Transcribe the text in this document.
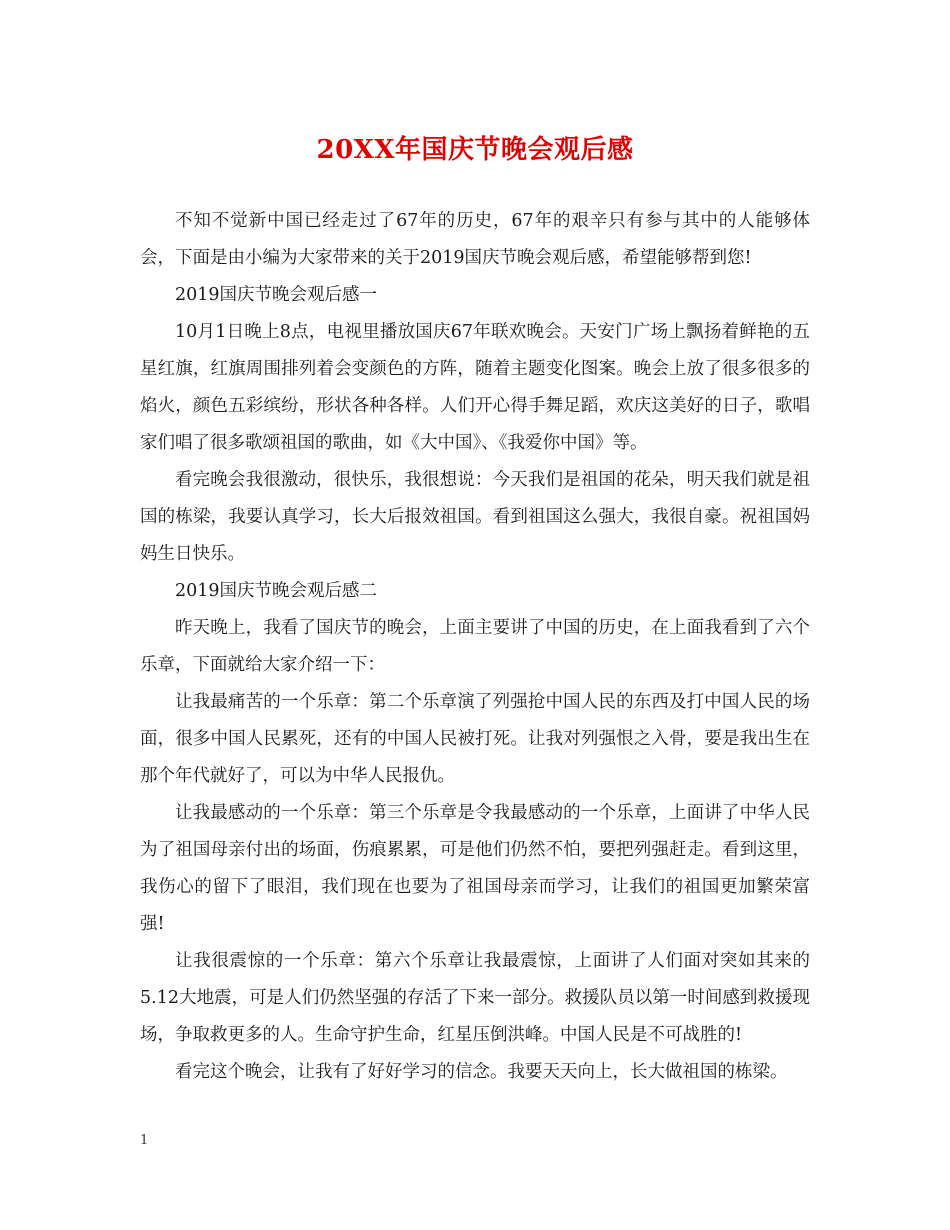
20XX年国庆节晚会观后感

不知不觉新中国已经走过了67年的历史，67年的艰辛只有参与其中的人能够体会，下面是由小编为大家带来的关于2019国庆节晚会观后感，希望能够帮到您!

2019国庆节晚会观后感一

10月1日晚上8点，电视里播放国庆67年联欢晚会。天安门广场上飘扬着鲜艳的五星红旗，红旗周围排列着会变颜色的方阵，随着主题变化图案。晚会上放了很多很多的焰火，颜色五彩缤纷，形状各种各样。人们开心得手舞足蹈，欢庆这美好的日子，歌唱家们唱了很多歌颂祖国的歌曲，如《大中国》、《我爱你中国》等。

看完晚会我很激动，很快乐，我很想说：今天我们是祖国的花朵，明天我们就是祖国的栋梁，我要认真学习，长大后报效祖国。看到祖国这么强大，我很自豪。祝祖国妈妈生日快乐。

2019国庆节晚会观后感二

昨天晚上，我看了国庆节的晚会，上面主要讲了中国的历史，在上面我看到了六个乐章，下面就给大家介绍一下：

让我最痛苦的一个乐章：第二个乐章演了列强抢中国人民的东西及打中国人民的场面，很多中国人民累死，还有的中国人民被打死。让我对列强恨之入骨，要是我出生在那个年代就好了，可以为中华人民报仇。

让我最感动的一个乐章：第三个乐章是令我最感动的一个乐章，上面讲了中华人民为了祖国母亲付出的场面，伤痕累累，可是他们仍然不怕，要把列强赶走。看到这里，我伤心的留下了眼泪，我们现在也要为了祖国母亲而学习，让我们的祖国更加繁荣富强!

让我很震惊的一个乐章：第六个乐章让我最震惊，上面讲了人们面对突如其来的5.12大地震，可是人们仍然坚强的存活了下来一部分。救援队员以第一时间感到救援现场，争取救更多的人。生命守护生命，红星压倒洪峰。中国人民是不可战胜的!

看完这个晚会，让我有了好好学习的信念。我要天天向上，长大做祖国的栋梁。

1
